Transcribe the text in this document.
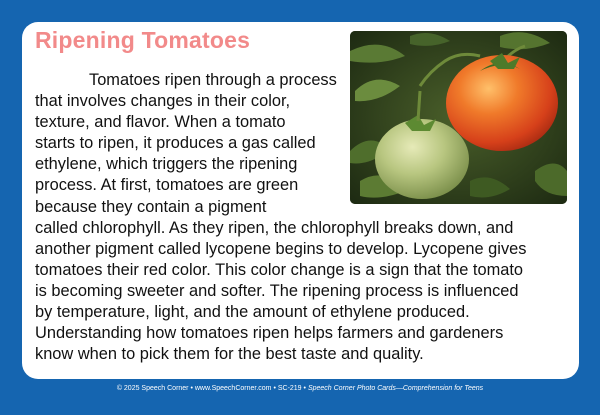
Ripening Tomatoes

Tomatoes ripen through a process
that involves changes in their color,
texture, and flavor. When a tomato
starts to ripen, it produces a gas called
ethylene, which triggers the ripening
process. At first, tomatoes are green
because they contain a pigment
called chlorophyll. As they ripen, the chlorophyll breaks down, and
another pigment called lycopene begins to develop. Lycopene gives
tomatoes their red color. This color change is a sign that the tomato
is becoming sweeter and softer. The ripening process is influenced
by temperature, light, and the amount of ethylene produced.
Understanding how tomatoes ripen helps farmers and gardeners
know when to pick them for the best taste and quality.

© 2025 Speech Corner • www.SpeechCorner.com • SC-219 • Speech Corner Photo Cards—Comprehension for Teens
